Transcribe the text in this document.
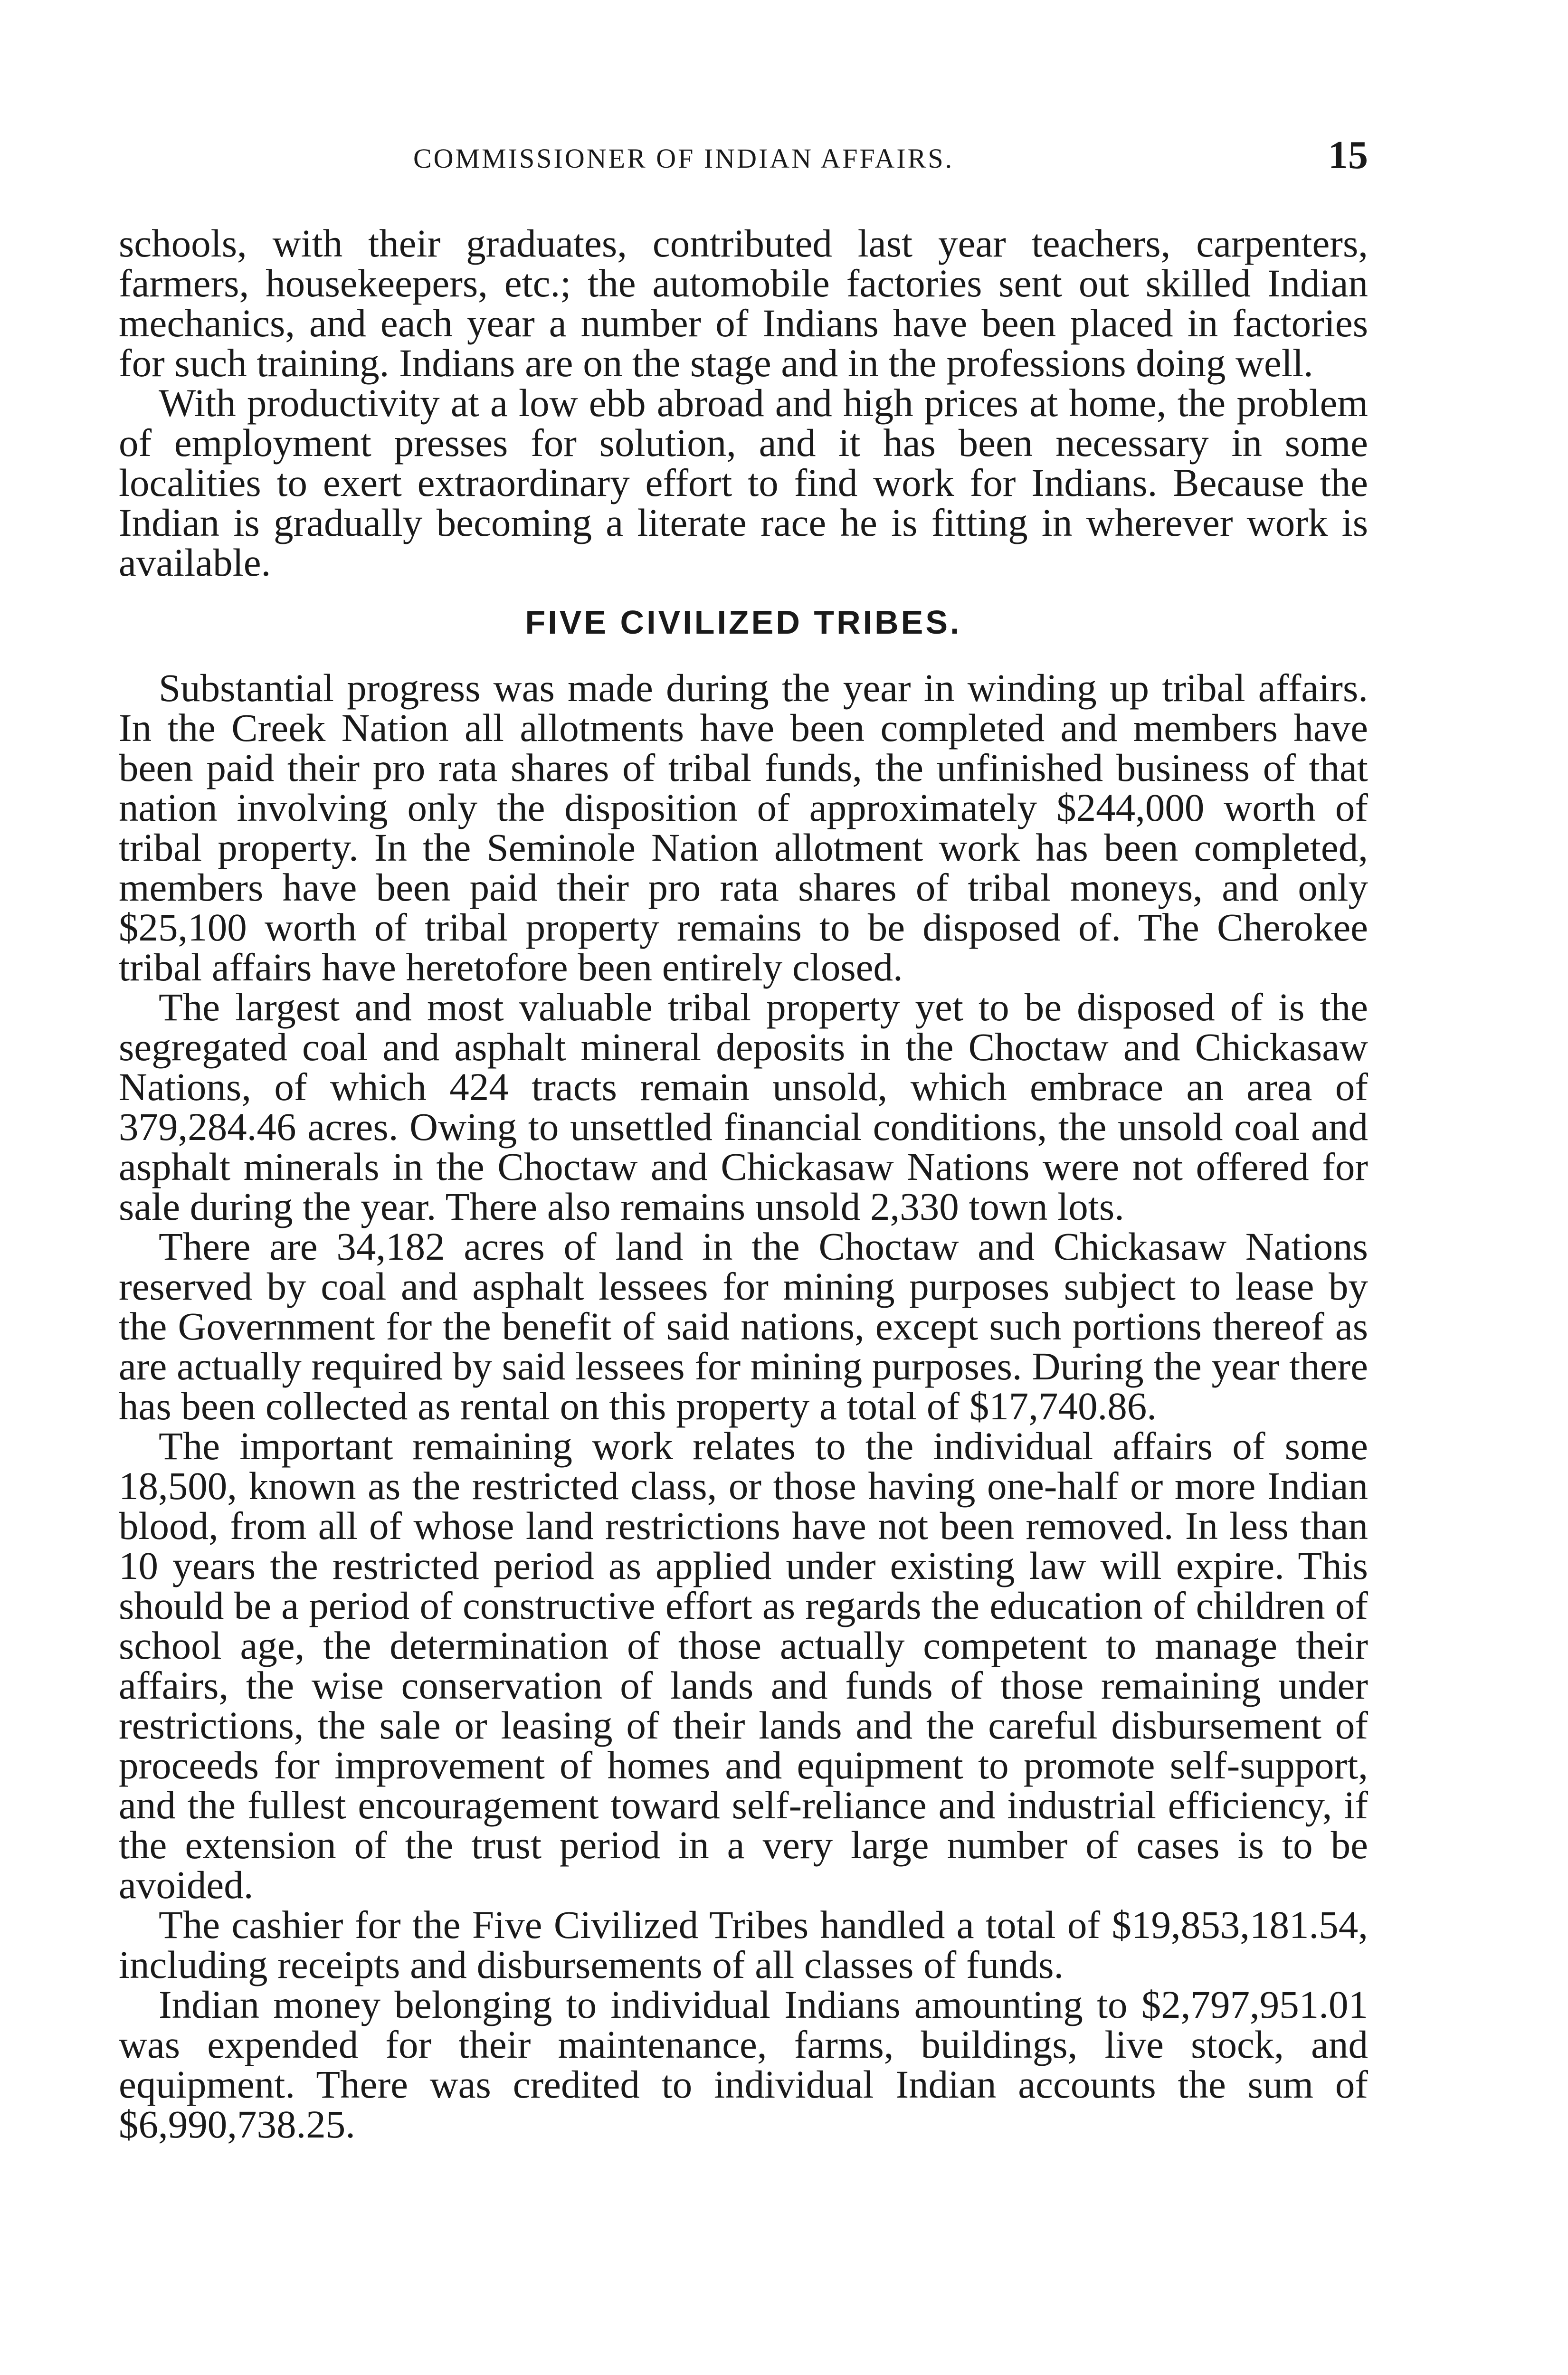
COMMISSIONER OF INDIAN AFFAIRS.	15

schools, with their graduates, contributed last year teachers, carpenters, farmers, housekeepers, etc.; the automobile factories sent out skilled Indian mechanics, and each year a number of Indians have been placed in factories for such training. Indians are on the stage and in the professions doing well.

With productivity at a low ebb abroad and high prices at home, the problem of employment presses for solution, and it has been necessary in some localities to exert extraordinary effort to find work for Indians. Because the Indian is gradually becoming a literate race he is fitting in wherever work is available.

FIVE CIVILIZED TRIBES.

Substantial progress was made during the year in winding up tribal affairs. In the Creek Nation all allotments have been completed and members have been paid their pro rata shares of tribal funds, the unfinished business of that nation involving only the disposition of approximately $244,000 worth of tribal property. In the Seminole Nation allotment work has been completed, members have been paid their pro rata shares of tribal moneys, and only $25,100 worth of tribal property remains to be disposed of. The Cherokee tribal affairs have heretofore been entirely closed.

The largest and most valuable tribal property yet to be disposed of is the segregated coal and asphalt mineral deposits in the Choctaw and Chickasaw Nations, of which 424 tracts remain unsold, which embrace an area of 379,284.46 acres. Owing to unsettled financial conditions, the unsold coal and asphalt minerals in the Choctaw and Chickasaw Nations were not offered for sale during the year. There also remains unsold 2,330 town lots.

There are 34,182 acres of land in the Choctaw and Chickasaw Nations reserved by coal and asphalt lessees for mining purposes subject to lease by the Government for the benefit of said nations, except such portions thereof as are actually required by said lessees for mining purposes. During the year there has been collected as rental on this property a total of $17,740.86.

The important remaining work relates to the individual affairs of some 18,500, known as the restricted class, or those having one-half or more Indian blood, from all of whose land restrictions have not been removed. In less than 10 years the restricted period as applied under existing law will expire. This should be a period of constructive effort as regards the education of children of school age, the determination of those actually competent to manage their affairs, the wise conservation of lands and funds of those remaining under restrictions, the sale or leasing of their lands and the careful disbursement of proceeds for improvement of homes and equipment to promote self-support, and the fullest encouragement toward self-reliance and industrial efficiency, if the extension of the trust period in a very large number of cases is to be avoided.

The cashier for the Five Civilized Tribes handled a total of $19,853,181.54, including receipts and disbursements of all classes of funds.

Indian money belonging to individual Indians amounting to $2,797,951.01 was expended for their maintenance, farms, buildings, live stock, and equipment. There was credited to individual Indian accounts the sum of $6,990,738.25.
